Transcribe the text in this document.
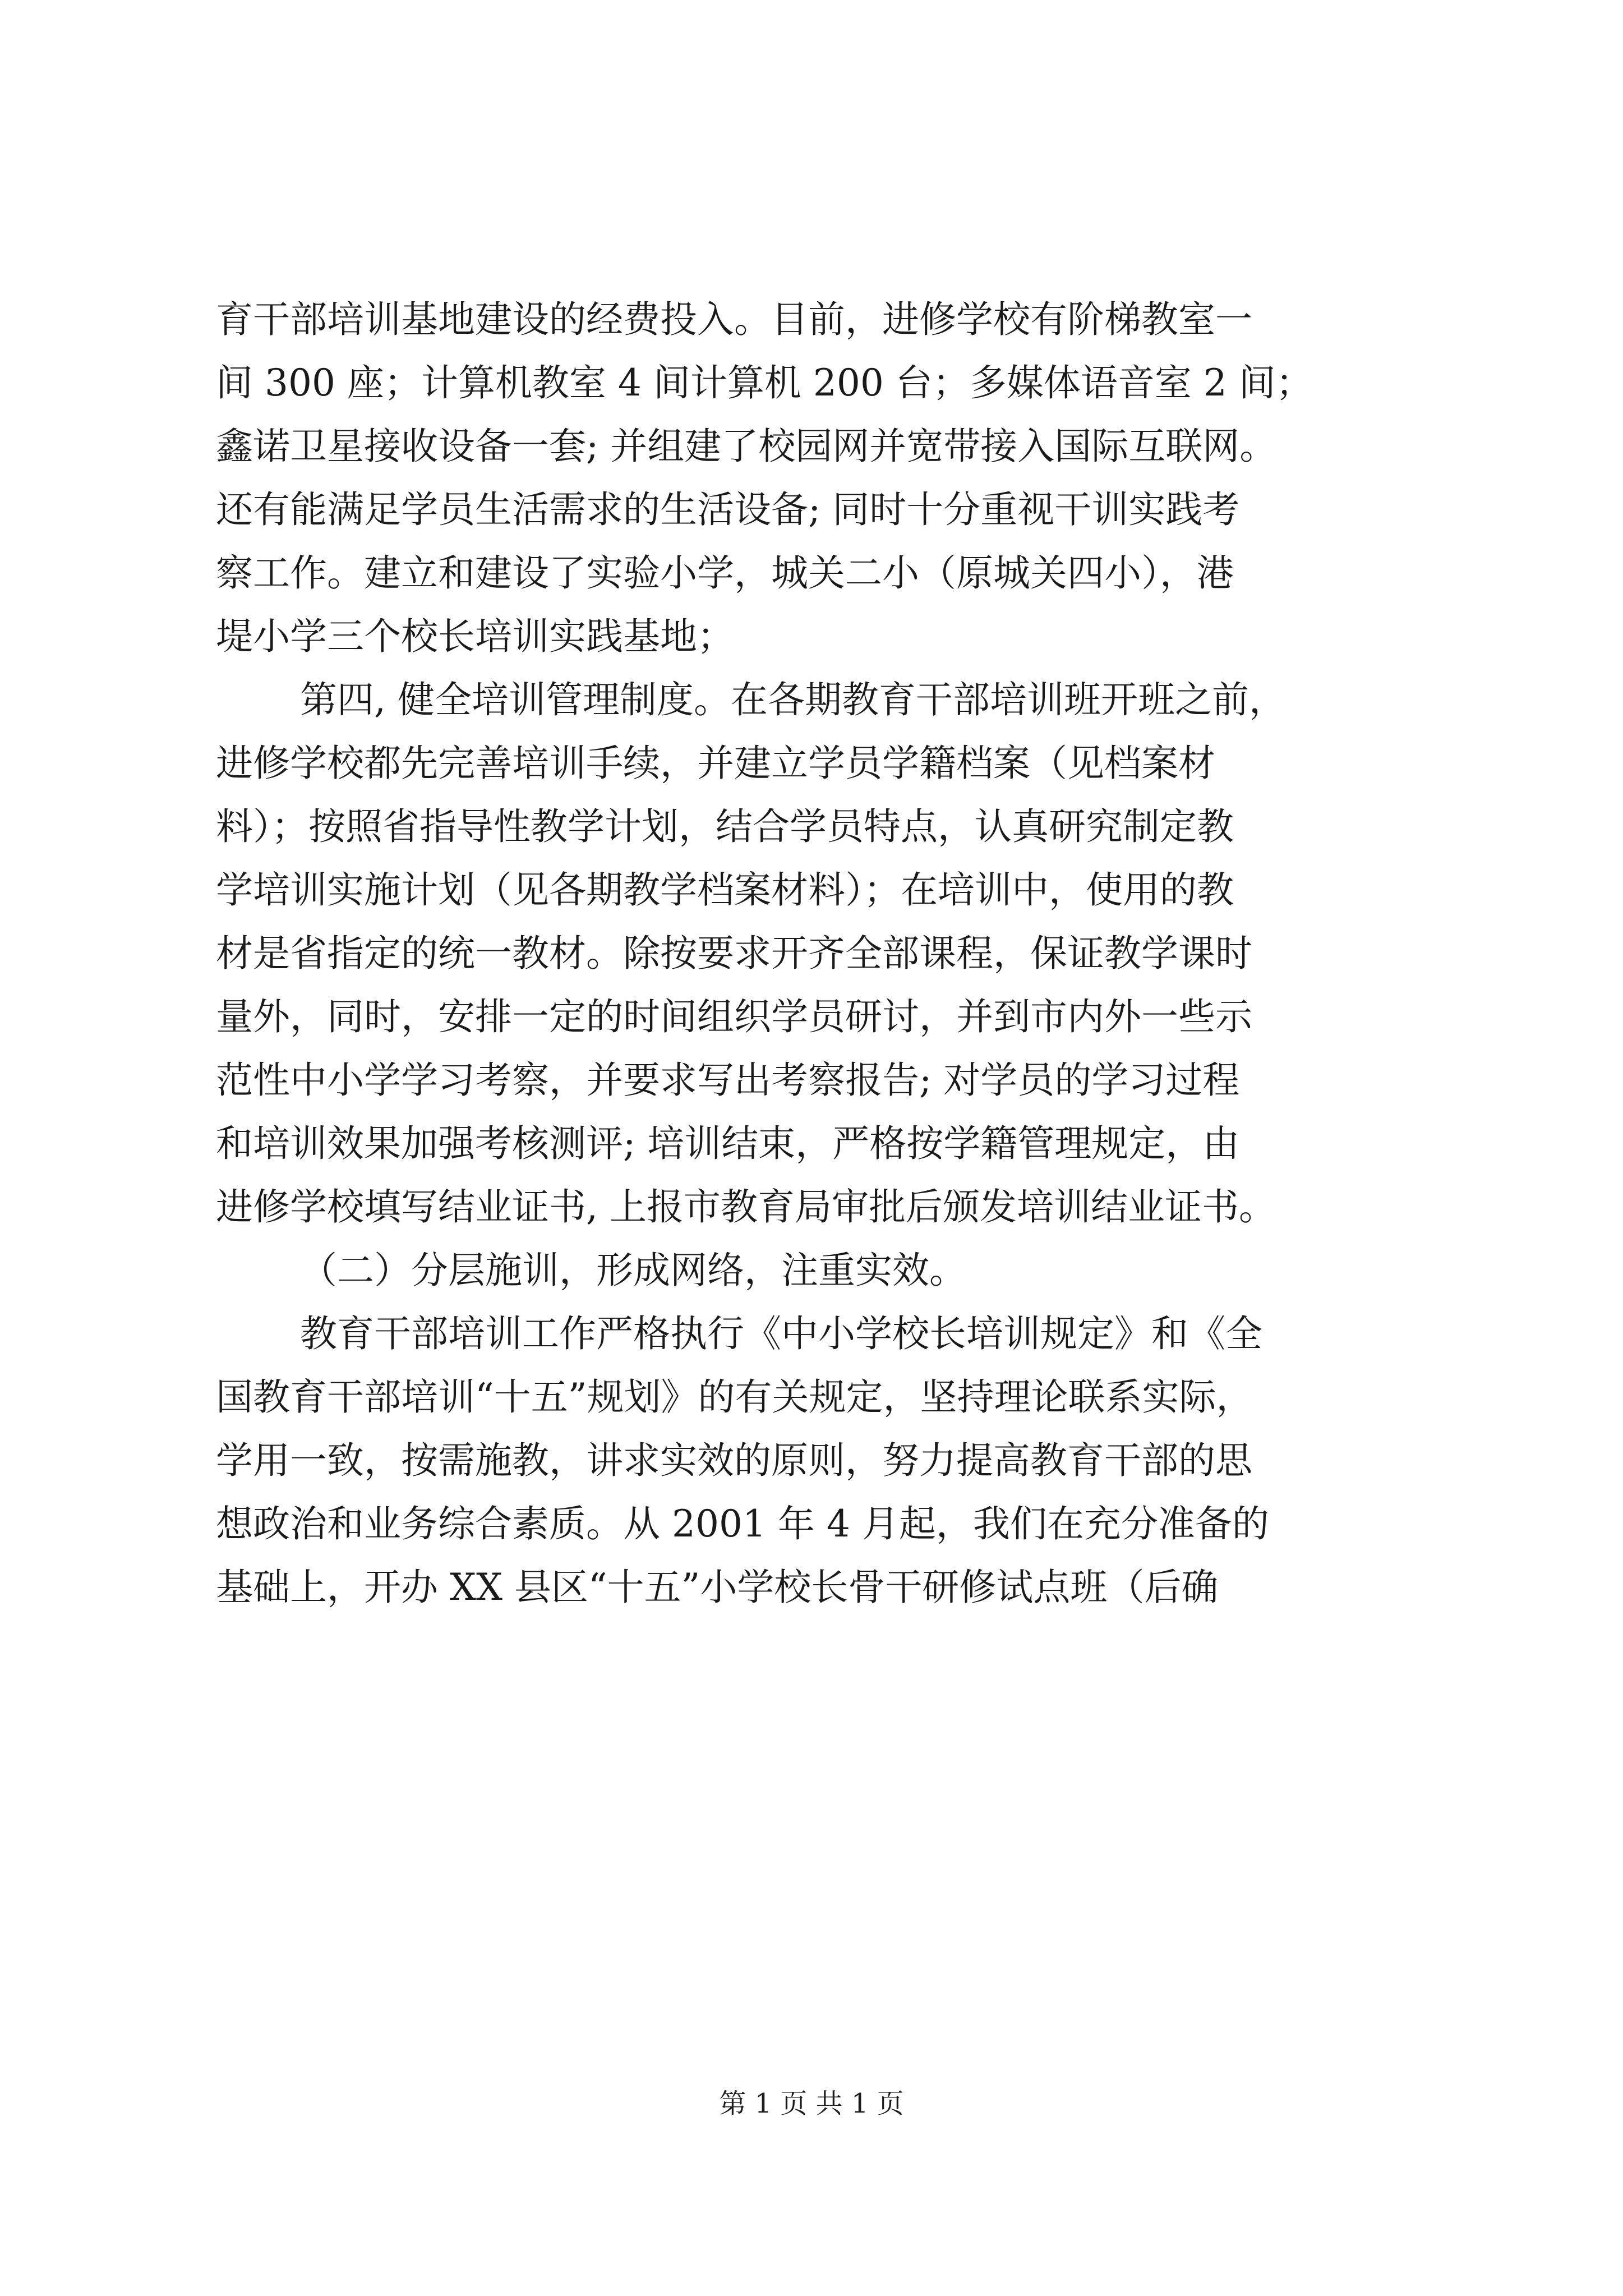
育干部培训基地建设的经费投入。目前，进修学校有阶梯教室一
间 300 座；计算机教室 4 间计算机 200 台；多媒体语音室 2 间；
鑫诺卫星接收设备一套; 并组建了校园网并宽带接入国际互联网。
还有能满足学员生活需求的生活设备; 同时十分重视干训实践考
察工作。建立和建设了实验小学，城关二小（原城关四小），港
堤小学三个校长培训实践基地；
第四, 健全培训管理制度。在各期教育干部培训班开班之前，
进修学校都先完善培训手续，并建立学员学籍档案（见档案材
料）；按照省指导性教学计划，结合学员特点，认真研究制定教
学培训实施计划（见各期教学档案材料）；在培训中，使用的教
材是省指定的统一教材。除按要求开齐全部课程，保证教学课时
量外，同时，安排一定的时间组织学员研讨，并到市内外一些示
范性中小学学习考察，并要求写出考察报告; 对学员的学习过程
和培训效果加强考核测评; 培训结束，严格按学籍管理规定，由
进修学校填写结业证书, 上报市教育局审批后颁发培训结业证书。
（二）分层施训，形成网络，注重实效。
教育干部培训工作严格执行《中小学校长培训规定》和《全
国教育干部培训“十五”规划》的有关规定，坚持理论联系实际，
学用一致，按需施教，讲求实效的原则，努力提高教育干部的思
想政治和业务综合素质。从 2001 年 4 月起，我们在充分准备的
基础上，开办 XX 县区“十五”小学校长骨干研修试点班（后确
第 1 页 共 1 页
